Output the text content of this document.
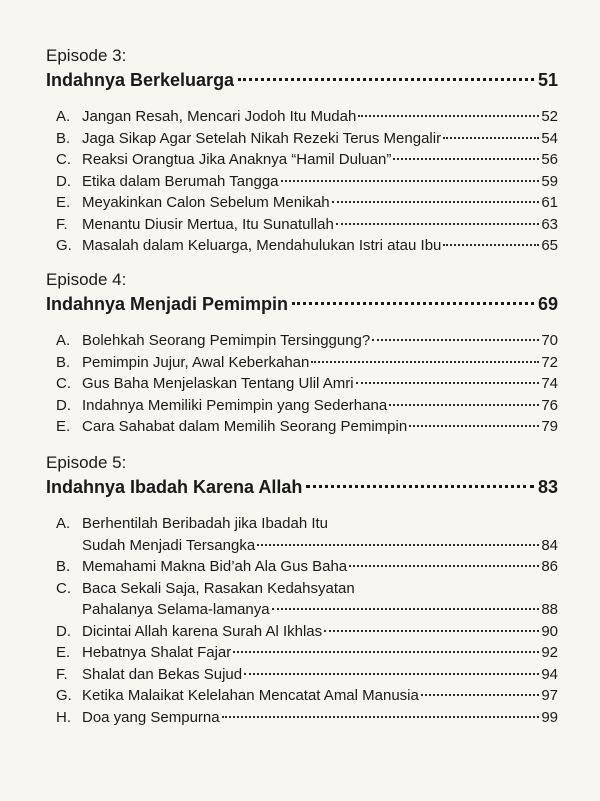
Episode 3:
Indahnya Berkeluarga	51
A. Jangan Resah, Mencari Jodoh Itu Mudah	52
B. Jaga Sikap Agar Setelah Nikah Rezeki Terus Mengalir	54
C. Reaksi Orangtua Jika Anaknya “Hamil Duluan”	56
D. Etika dalam Berumah Tangga	59
E. Meyakinkan Calon Sebelum Menikah	61
F. Menantu Diusir Mertua, Itu Sunatullah	63
G. Masalah dalam Keluarga, Mendahulukan Istri atau Ibu	65
Episode 4:
Indahnya Menjadi Pemimpin	69
A. Bolehkah Seorang Pemimpin Tersinggung?	70
B. Pemimpin Jujur, Awal Keberkahan	72
C. Gus Baha Menjelaskan Tentang Ulil Amri	74
D. Indahnya Memiliki Pemimpin yang Sederhana	76
E. Cara Sahabat dalam Memilih Seorang Pemimpin	79
Episode 5:
Indahnya Ibadah Karena Allah	83
A. Berhentilah Beribadah jika Ibadah Itu
Sudah Menjadi Tersangka	84
B. Memahami Makna Bid’ah Ala Gus Baha	86
C. Baca Sekali Saja, Rasakan Kedahsyatan
Pahalanya Selama-lamanya	88
D. Dicintai Allah karena Surah Al Ikhlas	90
E. Hebatnya Shalat Fajar	92
F. Shalat dan Bekas Sujud	94
G. Ketika Malaikat Kelelahan Mencatat Amal Manusia	97
H. Doa yang Sempurna	99
